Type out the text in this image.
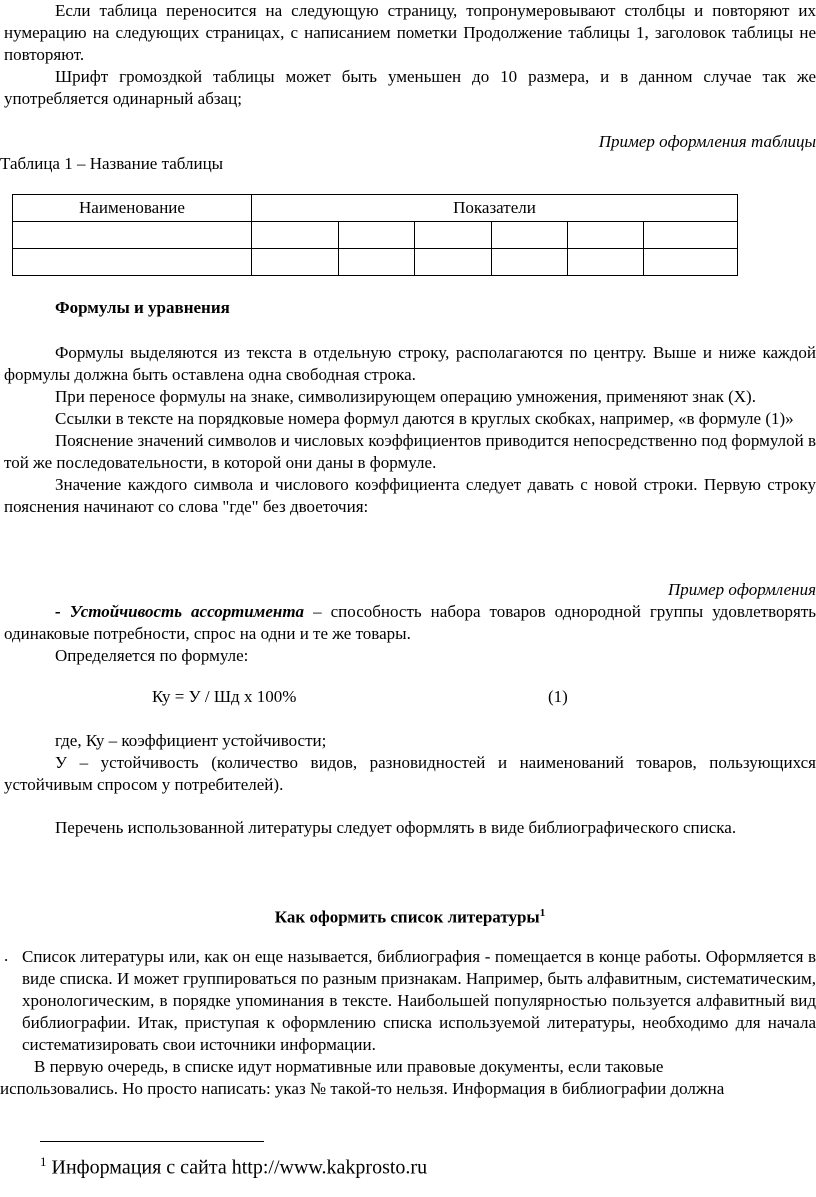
Если таблица переносится на следующую страницу, топронумеровывают столбцы и повторяют их нумерацию на следующих страницах, с написанием пометки Продолжение таблицы 1, заголовок таблицы не повторяют.

Шрифт громоздкой таблицы может быть уменьшен до 10 размера, и в данном случае так же употребляется одинарный абзац;

Пример оформления таблицы

Таблица 1 – Название таблицы

Наименование	Показатели					

Формулы и уравнения

Формулы выделяются из текста в отдельную строку, располагаются по центру. Выше и ниже каждой формулы должна быть оставлена одна свободная строка.

При переносе формулы на знаке, символизирующем операцию умножения, применяют знак (Х).

Ссылки в тексте на порядковые номера формул даются в круглых скобках, например, «в формуле (1)»

Пояснение значений символов и числовых коэффициентов приводится непосредственно под формулой в той же последовательности, в которой они даны в формуле.

Значение каждого символа и числового коэффициента следует давать с новой строки. Первую строку пояснения начинают со слова "где" без двоеточия:

Пример оформления

- Устойчивость ассортимента – способность набора товаров однородной группы удовлетворять одинаковые потребности, спрос на одни и те же товары.

Определяется по формуле:

Ку = У / Шд х 100%	(1)

где, Ку – коэффициент устойчивости;

У – устойчивость (количество видов, разновидностей и наименований товаров, пользующихся устойчивым спросом у потребителей).

Перечень использованной литературы следует оформлять в виде библиографического списка.

Как оформить список литературы$^1$

. Список литературы или, как он еще называется, библиография - помещается в конце работы. Оформляется в виде списка. И может группироваться по разным признакам. Например, быть алфавитным, систематическим, хронологическим, в порядке упоминания в тексте. Наибольшей популярностью пользуется алфавитный вид библиографии. Итак, приступая к оформлению списка используемой литературы, необходимо для начала систематизировать свои источники информации.

В первую очередь, в списке идут нормативные или правовые документы, если таковые

использовались. Но просто написать: указ № такой-то нельзя. Информация в библиографии должна

$^1$ Информация с сайта http://www.kakprosto.ru
